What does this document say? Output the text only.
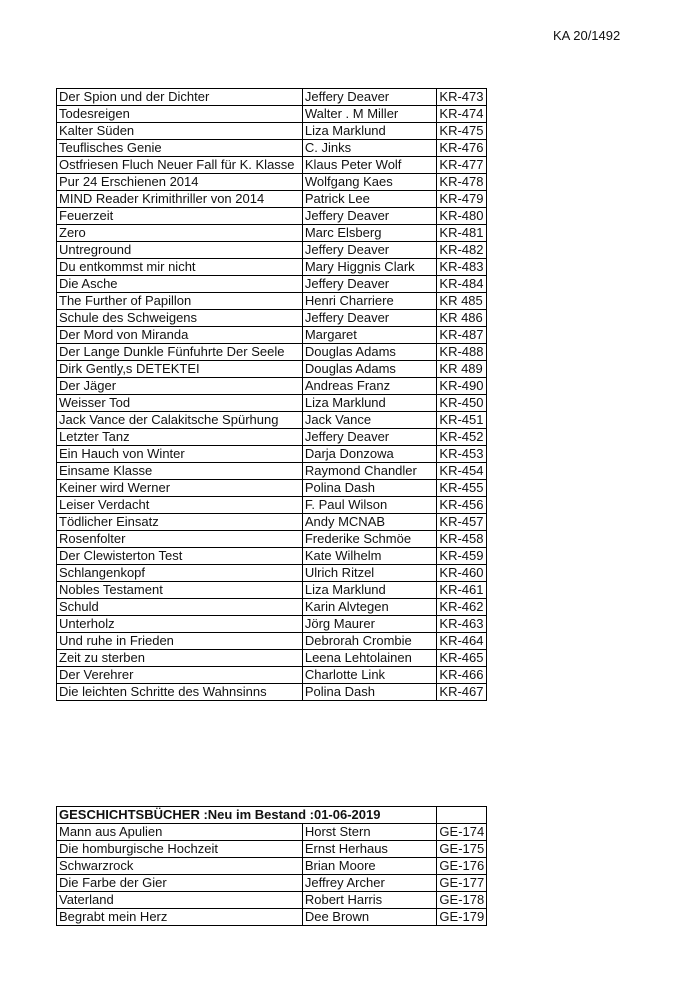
KA 20/1492
Der Spion und der Dichter	Jeffery Deaver	KR-473
Todesreigen	Walter . M Miller	KR-474
Kalter Süden	Liza Marklund	KR-475
Teuflisches Genie	C. Jinks	KR-476
Ostfriesen Fluch Neuer Fall für K. Klasse	Klaus Peter Wolf	KR-477
Pur 24 Erschienen 2014	Wolfgang Kaes	KR-478
MIND Reader Krimithriller von 2014	Patrick Lee	KR-479
Feuerzeit	Jeffery Deaver	KR-480
Zero	Marc Elsberg	KR-481
Untreground	Jeffery Deaver	KR-482
Du entkommst mir nicht	Mary Higgnis Clark	KR-483
Die Asche	Jeffery Deaver	KR-484
The Further of Papillon	Henri Charriere	KR 485
Schule des Schweigens	Jeffery Deaver	KR 486
Der Mord von Miranda	Margaret	KR-487
Der Lange Dunkle Fünfuhrte Der Seele	Douglas Adams	KR-488
Dirk Gently,s DETEKTEI	Douglas Adams	KR 489
Der Jäger	Andreas Franz	KR-490
Weisser Tod	Liza Marklund	KR-450
Jack Vance der Calakitsche Spürhung	Jack Vance	KR-451
Letzter Tanz	Jeffery Deaver	KR-452
Ein Hauch von Winter	Darja Donzowa	KR-453
Einsame Klasse	Raymond Chandler	KR-454
Keiner wird Werner	Polina Dash	KR-455
Leiser Verdacht	F. Paul Wilson	KR-456
Tödlicher Einsatz	Andy MCNAB	KR-457
Rosenfolter	Frederike Schmöe	KR-458
Der Clewisterton Test	Kate Wilhelm	KR-459
Schlangenkopf	Ulrich Ritzel	KR-460
Nobles Testament	Liza Marklund	KR-461
Schuld	Karin Alvtegen	KR-462
Unterholz	Jörg Maurer	KR-463
Und ruhe in Frieden	Debrorah Crombie	KR-464
Zeit zu sterben	Leena Lehtolainen	KR-465
Der Verehrer	Charlotte Link	KR-466
Die leichten Schritte des Wahnsinns	Polina Dash	KR-467
GESCHICHTSBÜCHER :Neu im Bestand :01-06-2019		
Mann aus Apulien	Horst Stern	GE-174
Die homburgische Hochzeit	Ernst Herhaus	GE-175
Schwarzrock	Brian Moore	GE-176
Die Farbe der Gier	Jeffrey Archer	GE-177
Vaterland	Robert Harris	GE-178
Begrabt mein Herz	Dee Brown	GE-179
